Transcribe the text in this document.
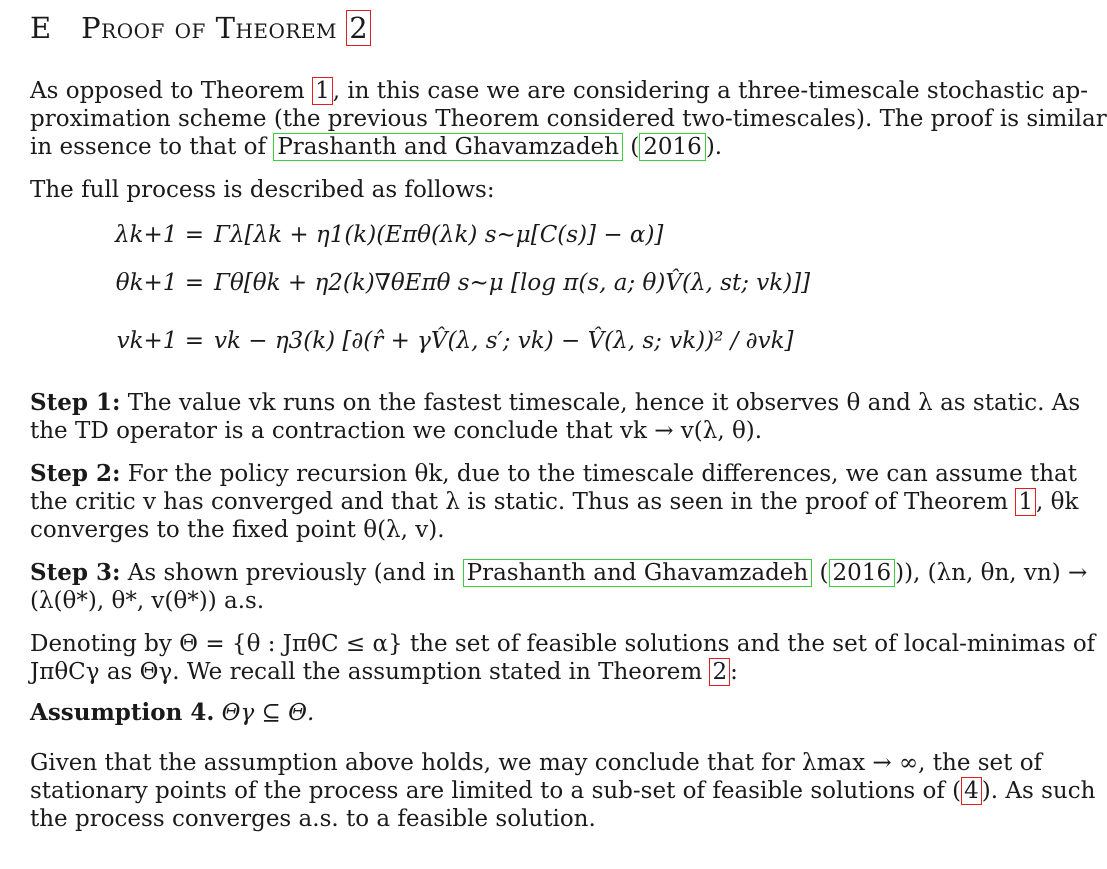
E Proof of Theorem 2
As opposed to Theorem 1 , in this case we are considering a three-timescale stochastic ap-
proximation scheme (the previous Theorem considered two-timescales). The proof is similar
in essence to that of Prashanth and Ghavamzadeh ( 2016 ).
The full process is described as follows:
λk+1 = Γλ[λk + η1(k)(Eπθ(λk) s∼μ[C(s)] − α)]
θk+1 = Γθ[θk + η2(k)∇θEπθ s∼μ [log π(s, a; θ)V̂(λ, st; vk)]]
vk+1 = vk − η3(k) [∂(r̂ + γV̂(λ, s′; vk) − V̂(λ, s; vk))² / ∂vk]
Step 1: The value vk runs on the fastest timescale, hence it observes θ and λ as static. As
the TD operator is a contraction we conclude that vk → v(λ, θ).
Step 2: For the policy recursion θk, due to the timescale differences, we can assume that
the critic v has converged and that λ is static. Thus as seen in the proof of Theorem 1 , θk
converges to the fixed point θ(λ, v).
Step 3: As shown previously (and in Prashanth and Ghavamzadeh ( 2016 )), (λn, θn, vn) →
(λ(θ*), θ*, v(θ*)) a.s.
Denoting by Θ = {θ : JπθC ≤ α} the set of feasible solutions and the set of local-minimas of
JπθCγ as Θγ. We recall the assumption stated in Theorem 2 :
Assumption 4. Θγ ⊆ Θ.
Given that the assumption above holds, we may conclude that for λmax → ∞, the set of
stationary points of the process are limited to a sub-set of feasible solutions of ( 4 ). As such
the process converges a.s. to a feasible solution.
